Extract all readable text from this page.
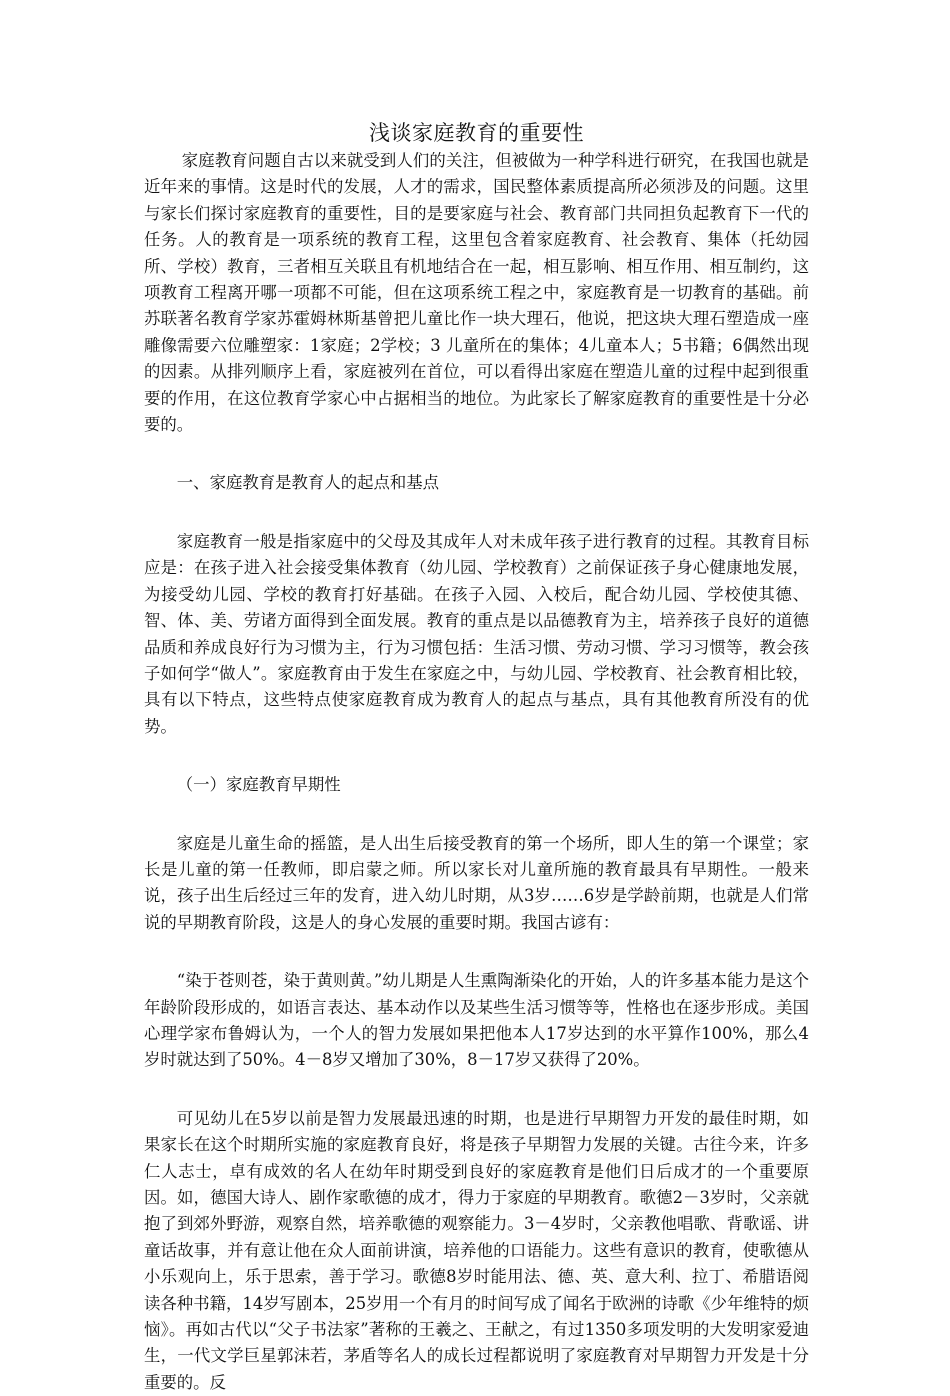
浅谈家庭教育的重要性

家庭教育问题自古以来就受到人们的关注，但被做为一种学科进行研究，在我国也就是近年来的事情。这是时代的发展，人才的需求，国民整体素质提高所必须涉及的问题。这里与家长们探讨家庭教育的重要性，目的是要家庭与社会、教育部门共同担负起教育下一代的任务。人的教育是一项系统的教育工程，这里包含着家庭教育、社会教育、集体（托幼园所、学校）教育，三者相互关联且有机地结合在一起，相互影响、相互作用、相互制约，这项教育工程离开哪一项都不可能，但在这项系统工程之中，家庭教育是一切教育的基础。前苏联著名教育学家苏霍姆林斯基曾把儿童比作一块大理石，他说，把这块大理石塑造成一座雕像需要六位雕塑家：1家庭；2学校；3 儿童所在的集体；4儿童本人；5书籍；6偶然出现的因素。从排列顺序上看，家庭被列在首位，可以看得出家庭在塑造儿童的过程中起到很重要的作用，在这位教育学家心中占据相当的地位。为此家长了解家庭教育的重要性是十分必要的。

一、家庭教育是教育人的起点和基点

家庭教育一般是指家庭中的父母及其成年人对未成年孩子进行教育的过程。其教育目标应是：在孩子进入社会接受集体教育（幼儿园、学校教育）之前保证孩子身心健康地发展，为接受幼儿园、学校的教育打好基础。在孩子入园、入校后，配合幼儿园、学校使其德、智、体、美、劳诸方面得到全面发展。教育的重点是以品德教育为主，培养孩子良好的道德品质和养成良好行为习惯为主，行为习惯包括：生活习惯、劳动习惯、学习习惯等，教会孩子如何学“做人”。家庭教育由于发生在家庭之中，与幼儿园、学校教育、社会教育相比较，具有以下特点，这些特点使家庭教育成为教育人的起点与基点，具有其他教育所没有的优势。

（一）家庭教育早期性

家庭是儿童生命的摇篮，是人出生后接受教育的第一个场所，即人生的第一个课堂；家长是儿童的第一任教师，即启蒙之师。所以家长对儿童所施的教育最具有早期性。一般来说，孩子出生后经过三年的发育，进入幼儿时期，从3岁……6岁是学龄前期，也就是人们常说的早期教育阶段，这是人的身心发展的重要时期。我国古谚有：

“染于苍则苍，染于黄则黄。”幼儿期是人生熏陶渐染化的开始，人的许多基本能力是这个年龄阶段形成的，如语言表达、基本动作以及某些生活习惯等等，性格也在逐步形成。美国心理学家布鲁姆认为，一个人的智力发展如果把他本人17岁达到的水平算作100%，那么4岁时就达到了50%。4－8岁又增加了30%，8－17岁又获得了20%。

可见幼儿在5岁以前是智力发展最迅速的时期，也是进行早期智力开发的最佳时期，如果家长在这个时期所实施的家庭教育良好，将是孩子早期智力发展的关键。古往今来，许多仁人志士，卓有成效的名人在幼年时期受到良好的家庭教育是他们日后成才的一个重要原因。如，德国大诗人、剧作家歌德的成才，得力于家庭的早期教育。歌德2－3岁时，父亲就抱了到郊外野游，观察自然，培养歌德的观察能力。3－4岁时，父亲教他唱歌、背歌谣、讲童话故事，并有意让他在众人面前讲演，培养他的口语能力。这些有意识的教育，使歌德从小乐观向上，乐于思索，善于学习。歌德8岁时能用法、德、英、意大利、拉丁、希腊语阅读各种书籍，14岁写剧本，25岁用一个有月的时间写成了闻名于欧洲的诗歌《少年维特的烦恼》。再如古代以“父子书法家”著称的王羲之、王献之，有过1350多项发明的大发明家爱迪生，一代文学巨星郭沫若，茅盾等名人的成长过程都说明了家庭教育对早期智力开发是十分重要的。反
